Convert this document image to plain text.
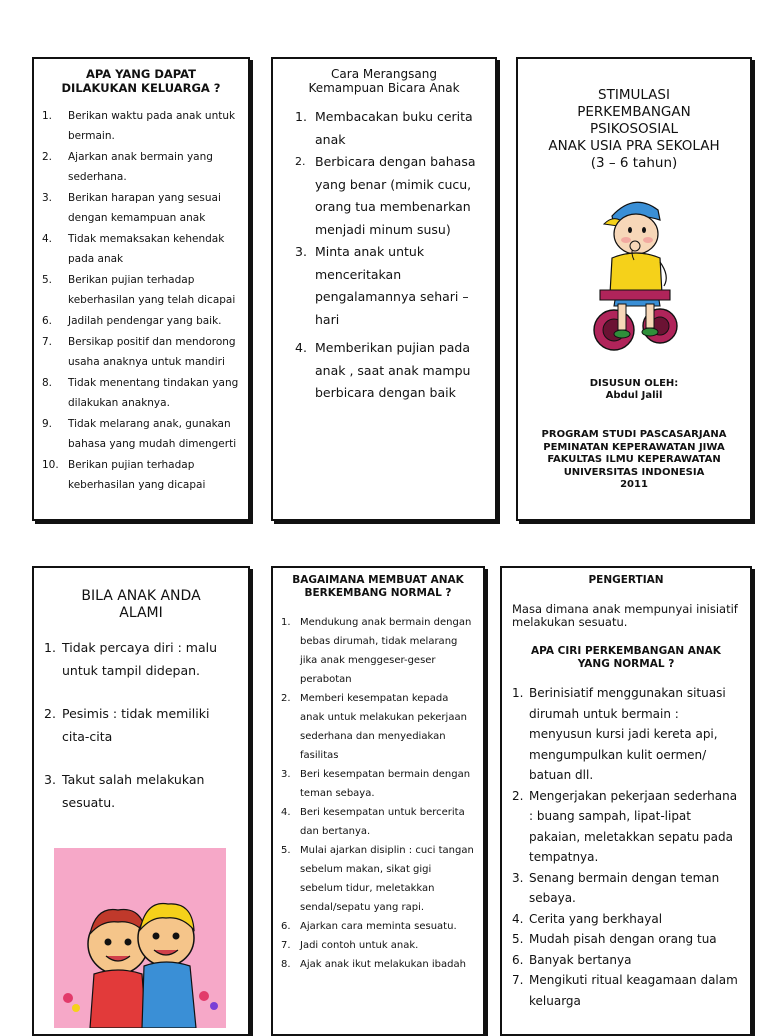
APA YANG DAPAT
DILAKUKAN KELUARGA ?
1. Berikan waktu pada anak untuk bermain.
2. Ajarkan anak bermain yang sederhana.
3. Berikan harapan yang sesuai dengan kemampuan anak
4. Tidak memaksakan kehendak pada anak
5. Berikan pujian terhadap keberhasilan yang telah dicapai
6. Jadilah pendengar yang baik.
7. Bersikap positif dan mendorong usaha anaknya untuk mandiri
8. Tidak menentang tindakan yang dilakukan anaknya.
9. Tidak melarang anak, gunakan bahasa yang mudah dimengerti
10. Berikan pujian terhadap keberhasilan yang dicapai
Cara Merangsang
Kemampuan Bicara Anak
1. Membacakan buku cerita anak
2. Berbicara dengan bahasa yang benar (mimik cucu, orang tua membenarkan menjadi minum susu)
3. Minta anak untuk menceritakan pengalamannya sehari – hari
4. Memberikan pujian pada anak , saat anak mampu berbicara dengan baik
STIMULASI
PERKEMBANGAN
PSIKOSOSIAL
ANAK USIA PRA SEKOLAH
(3 – 6 tahun)
DISUSUN OLEH:
Abdul Jalil
PROGRAM STUDI PASCASARJANA
PEMINATAN KEPERAWATAN JIWA
FAKULTAS ILMU KEPERAWATAN
UNIVERSITAS INDONESIA
2011
BILA ANAK ANDA
ALAMI
1. Tidak percaya diri : malu untuk tampil didepan.
2. Pesimis : tidak memiliki cita-cita
3. Takut salah melakukan sesuatu.
BAGAIMANA MEMBUAT ANAK
BERKEMBANG NORMAL ?
1. Mendukung anak bermain dengan bebas dirumah, tidak melarang jika anak menggeser-geser perabotan
2. Memberi kesempatan kepada anak untuk melakukan pekerjaan sederhana dan menyediakan fasilitas
3. Beri kesempatan bermain dengan teman sebaya.
4. Beri kesempatan untuk bercerita dan bertanya.
5. Mulai ajarkan disiplin : cuci tangan sebelum makan, sikat gigi sebelum tidur, meletakkan sendal/sepatu yang rapi.
6. Ajarkan cara meminta sesuatu.
7. Jadi contoh untuk anak.
8. Ajak anak ikut melakukan ibadah
PENGERTIAN
Masa dimana anak mempunyai inisiatif melakukan sesuatu.
APA CIRI PERKEMBANGAN ANAK
YANG NORMAL ?
1. Berinisiatif menggunakan situasi dirumah untuk bermain : menyusun kursi jadi kereta api, mengumpulkan kulit oermen/ batuan dll.
2. Mengerjakan pekerjaan sederhana : buang sampah, lipat-lipat pakaian, meletakkan sepatu pada tempatnya.
3. Senang bermain dengan teman sebaya.
4. Cerita yang berkhayal
5. Mudah pisah dengan orang tua
6. Banyak bertanya
7. Mengikuti ritual keagamaan dalam keluarga
